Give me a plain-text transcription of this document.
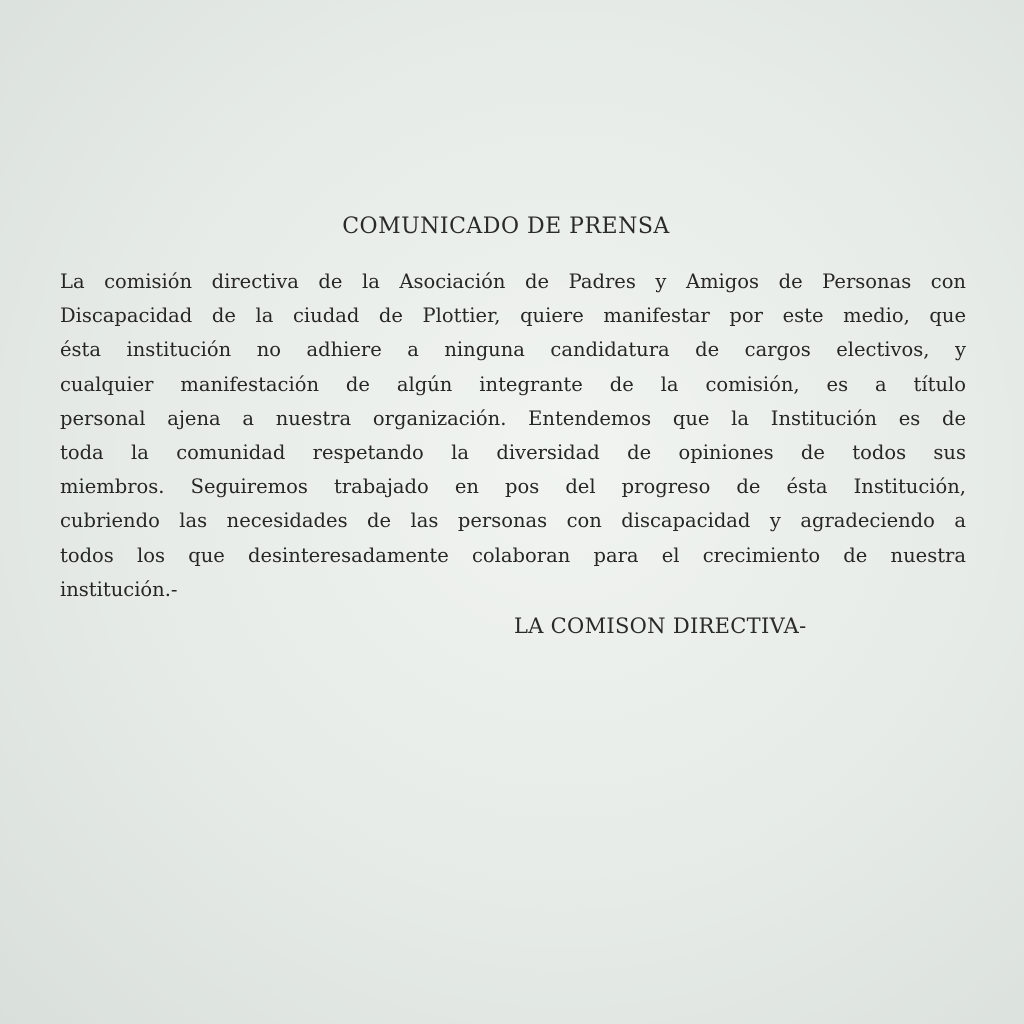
COMUNICADO DE PRENSA
La comisión directiva de la Asociación de Padres y Amigos de Personas con
Discapacidad de la ciudad de Plottier, quiere manifestar por este medio, que
ésta institución no adhiere a ninguna candidatura de cargos electivos, y
cualquier manifestación de algún integrante de la comisión, es a título
personal ajena a nuestra organización. Entendemos que la Institución es de
toda la comunidad respetando la diversidad de opiniones de todos sus
miembros. Seguiremos trabajado en pos del progreso de ésta Institución,
cubriendo las necesidades de las personas con discapacidad y agradeciendo a
todos los que desinteresadamente colaboran para el crecimiento de nuestra
institución.-
LA COMISON DIRECTIVA-
